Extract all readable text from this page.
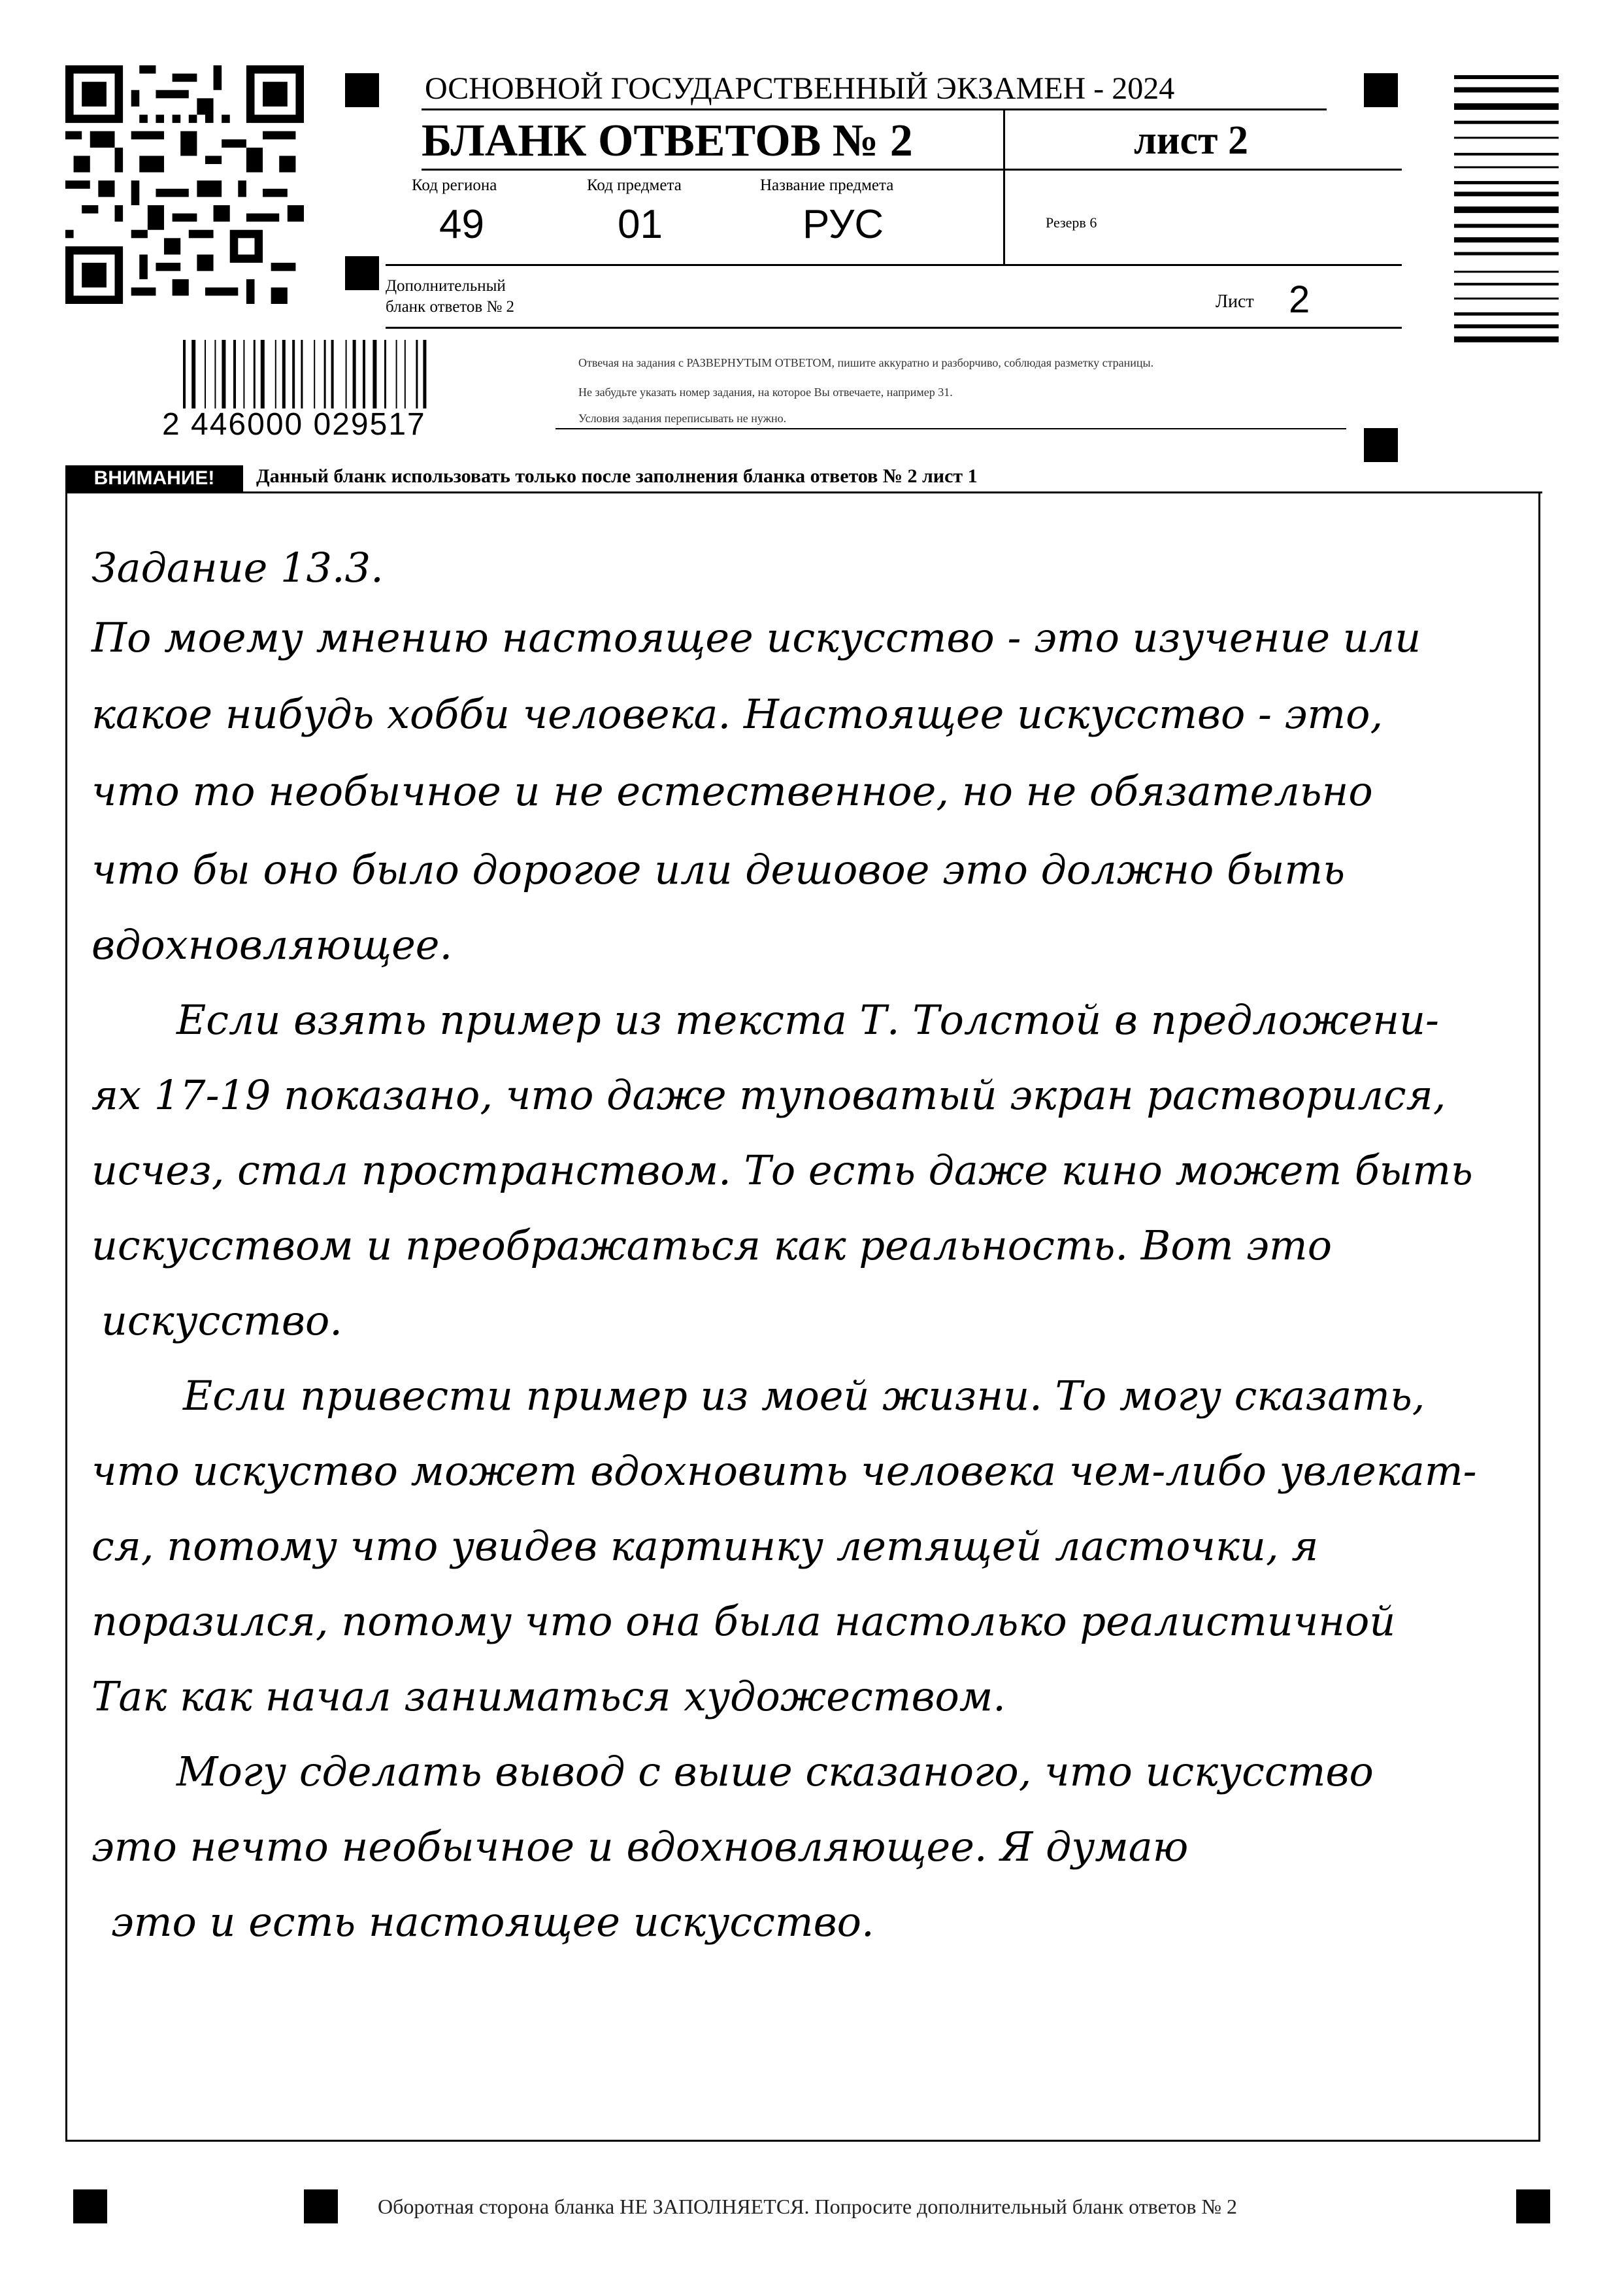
ОСНОВНОЙ ГОСУДАРСТВЕННЫЙ ЭКЗАМЕН - 2024
БЛАНК ОТВЕТОВ № 2	лист 2
Код региона
49
Код предмета
01
Название предмета
РУС	Резерв 6
Дополнительный
бланк ответов № 2	Лист 2
2 446000 029517
Отвечая на задания с РАЗВЕРНУТЫМ ОТВЕТОМ, пишите аккуратно и разборчиво, соблюдая разметку страницы.
Не забудьте указать номер задания, на которое Вы отвечаете, например 31.
Условия задания переписывать не нужно.
ВНИМАНИЕ!	Данный бланк использовать только после заполнения бланка ответов № 2 лист 1
Задание 13.3.
По моему мнению настоящее искусство - это изучение или
какое нибудь хобби человека. Настоящее искусство - это,
что то необычное и не естественное, но не обязательно
что бы оно было дорогое или дешовое это должно быть
вдохновляющее.
Если взять пример из текста Т. Толстой в предложени-
ях 17-19 показано, что даже туповатый экран растворился,
исчез, стал пространством. То есть даже кино может быть
искусством и преображаться как реальность. Вот это
искусство.
Если привести пример из моей жизни. То могу сказать,
что искуство может вдохновить человека чем-либо увлекат-
ся, потому что увидев картинку летящей ласточки, я
поразился, потому что она была настолько реалистичной
Так как начал заниматься художеством.
Могу сделать вывод с выше сказаного, что искусство
это нечто необычное и вдохновляющее. Я думаю
это и есть настоящее искусство.
Оборотная сторона бланка НЕ ЗАПОЛНЯЕТСЯ. Попросите дополнительный бланк ответов № 2
